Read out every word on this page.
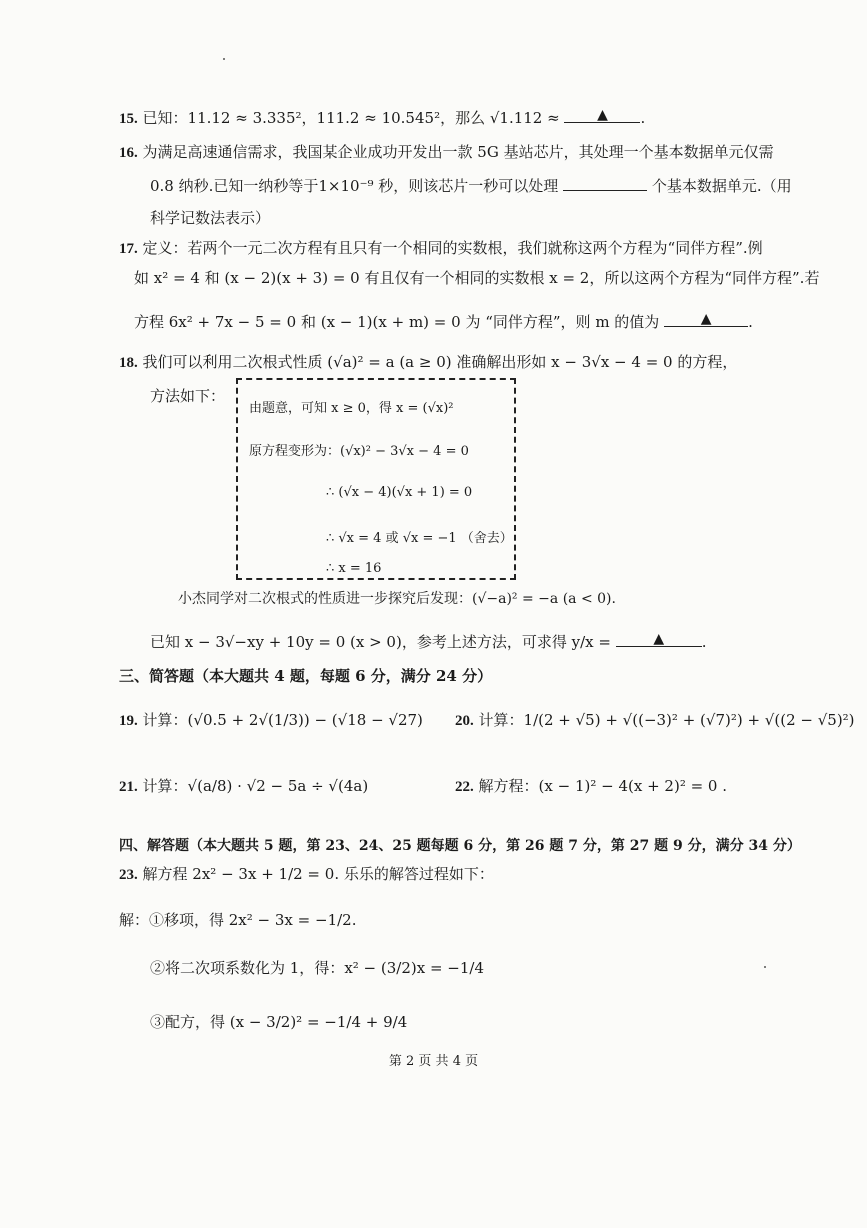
15. 已知：11.12 ≈ 3.335²，111.2 ≈ 10.545²，那么 √1.112 ≈	▲ .
16. 为满足高速通信需求，我国某企业成功开发出一款 5G 基站芯片，其处理一个基本数据单元仅需
0.8 纳秒.已知一纳秒等于1×10⁻⁹ 秒，则该芯片一秒可以处理	个基本数据单元.（用
科学记数法表示）
17. 定义：若两个一元二次方程有且只有一个相同的实数根，我们就称这两个方程为“同伴方程”.例
如 x² = 4 和 (x − 2)(x + 3) = 0 有且仅有一个相同的实数根 x = 2，所以这两个方程为“同伴方程”.若
方程 6x² + 7x − 5 = 0 和 (x − 1)(x + m) = 0 为 “同伴方程”，则 m 的值为	▲ .
18. 我们可以利用二次根式性质 (√a)² = a (a ≥ 0) 准确解出形如 x − 3√x − 4 = 0 的方程，
方法如下：
由题意，可知 x ≥ 0，得 x = (√x)²
原方程变形为：(√x)² − 3√x − 4 = 0
∴ (√x − 4)(√x + 1) = 0
∴ √x = 4 或 √x = −1 （舍去）
∴ x = 16
小杰同学对二次根式的性质进一步探究后发现：(√−a)² = −a (a < 0).
已知 x − 3√−xy + 10y = 0 (x > 0)，参考上述方法，可求得 y/x =	▲	.
三、简答题（本大题共 4 题，每题 6 分，满分 24 分）
19. 计算：(√0.5 + 2√(1/3)) − (√18 − √27) 20. 计算：1/(2 + √5) + √((−3)² + (√7)²) + √((2 − √5)²)
21. 计算：√(a/8) · √2 − 5a ÷ √(4a)	22. 解方程：(x − 1)² − 4(x + 2)² = 0 .
四、解答题（本大题共 5 题，第 23、24、25 题每题 6 分，第 26 题 7 分，第 27 题 9 分，满分 34 分）
23. 解方程 2x² − 3x + 1/2 = 0. 乐乐的解答过程如下：
解：①移项，得 2x² − 3x = −1/2.
②将二次项系数化为 1，得：x² − (3/2)x = −1/4
③配方，得 (x − 3/2)² = −1/4 + 9/4
第 2 页 共 4 页
